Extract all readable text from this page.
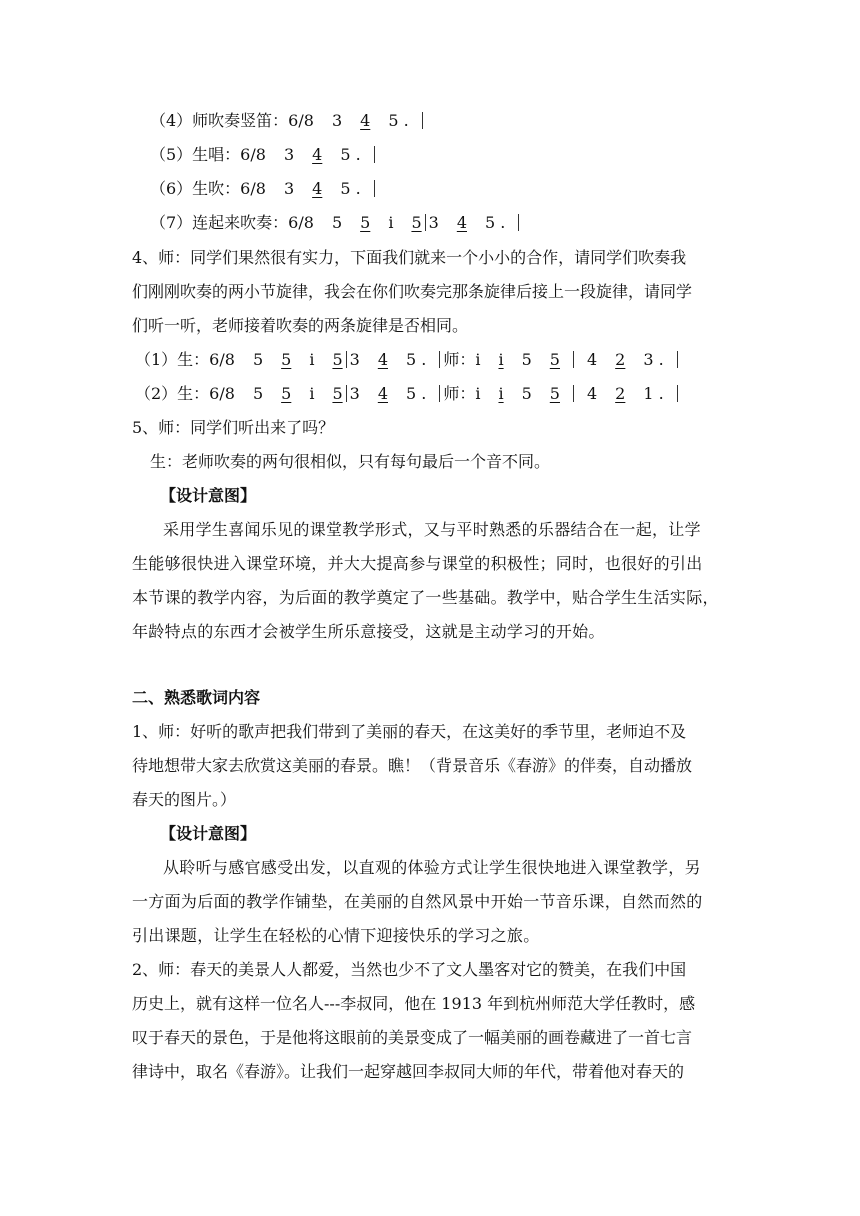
（4）师吹奏竖笛：6/8 3 4 5 .
（5）生唱：6/8 3 4 5 .
（6）生吹：6/8 3 4 5 .
（7）连起来吹奏：6/8 5 5 i 5 3 4 5 .
4、师：同学们果然很有实力，下面我们就来一个小小的合作，请同学们吹奏我
们刚刚吹奏的两小节旋律，我会在你们吹奏完那条旋律后接上一段旋律，请同学
们听一听，老师接着吹奏的两条旋律是否相同。
（1）生：6/8 5 5 i 5 3 4 5 . 师：i i 5 5 4 2 3 .
（2）生：6/8 5 5 i 5 3 4 5 . 师：i i 5 5 4 2 1 .
5、师：同学们听出来了吗？
生：老师吹奏的两句很相似，只有每句最后一个音不同。
【设计意图】
采用学生喜闻乐见的课堂教学形式，又与平时熟悉的乐器结合在一起，让学
生能够很快进入课堂环境，并大大提高参与课堂的积极性；同时，也很好的引出
本节课的教学内容，为后面的教学奠定了一些基础。教学中，贴合学生生活实际，
年龄特点的东西才会被学生所乐意接受，这就是主动学习的开始。
二、熟悉歌词内容
1、师：好听的歌声把我们带到了美丽的春天，在这美好的季节里，老师迫不及
待地想带大家去欣赏这美丽的春景。瞧！（背景音乐《春游》的伴奏，自动播放
春天的图片。）
【设计意图】
从聆听与感官感受出发，以直观的体验方式让学生很快地进入课堂教学，另
一方面为后面的教学作铺垫，在美丽的自然风景中开始一节音乐课，自然而然的
引出课题，让学生在轻松的心情下迎接快乐的学习之旅。
2、师：春天的美景人人都爱，当然也少不了文人墨客对它的赞美，在我们中国
历史上，就有这样一位名人---李叔同，他在 1913 年到杭州师范大学任教时，感
叹于春天的景色，于是他将这眼前的美景变成了一幅美丽的画卷藏进了一首七言
律诗中，取名《春游》。让我们一起穿越回李叔同大师的年代，带着他对春天的
